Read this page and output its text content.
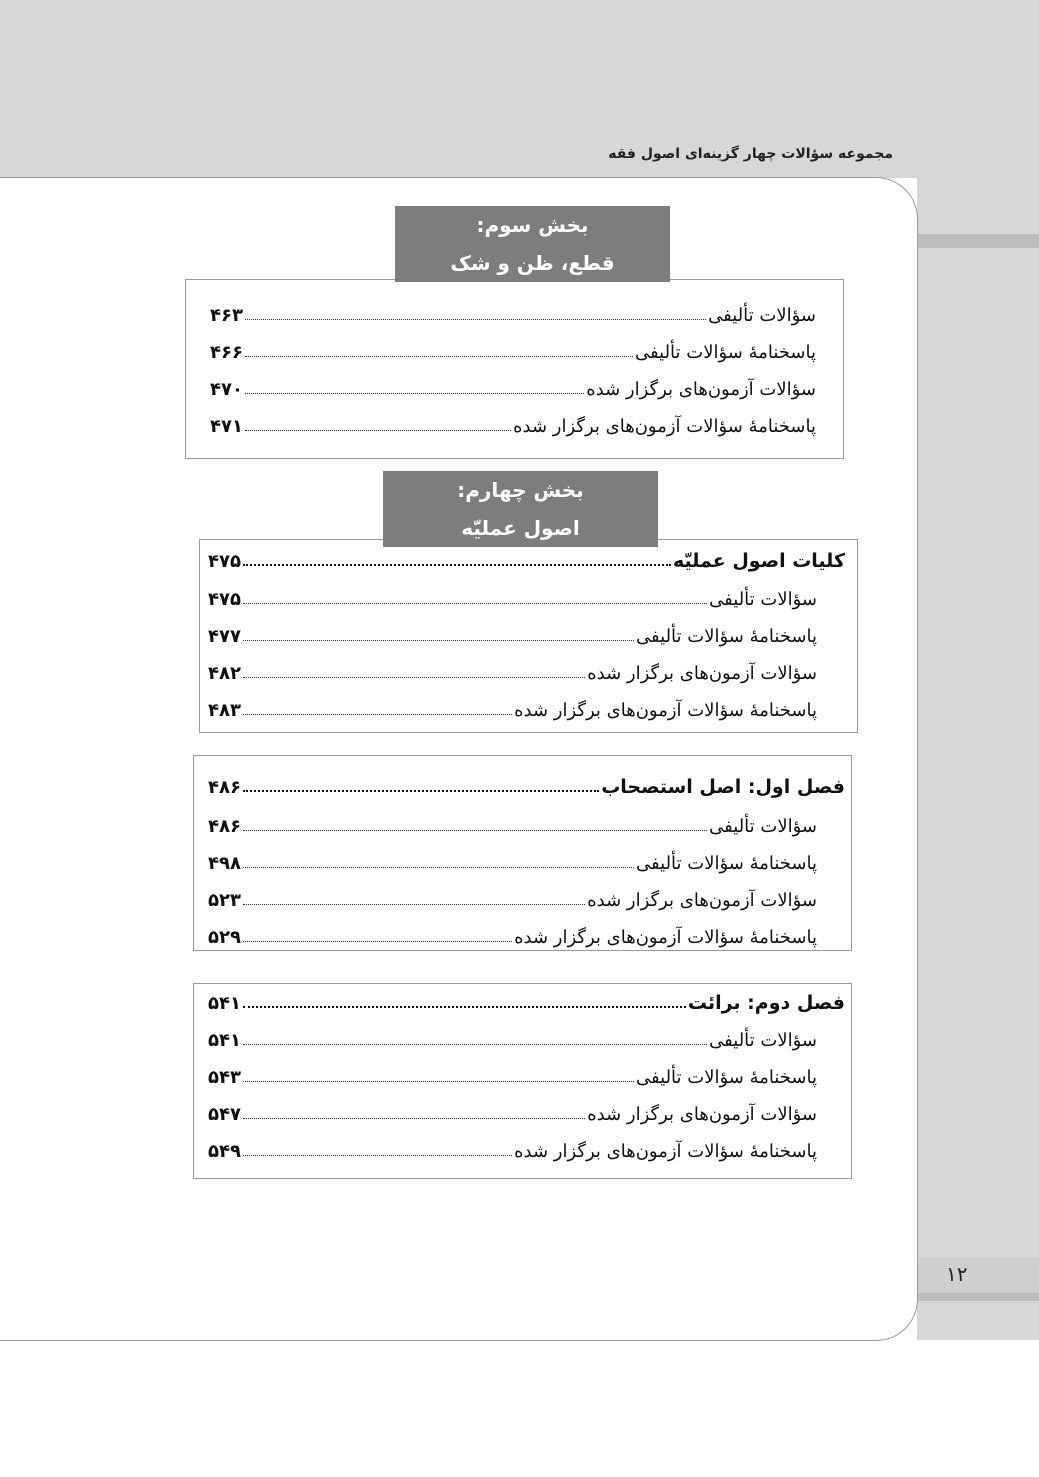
مجموعه سؤالات چهار گزینه‌ای اصول فقه
۱۲
بخش سوم:
قطع، ظن و شک
سؤالات تألیفی
۴۶۳
پاسخنامهٔ سؤالات تألیفی
۴۶۶
سؤالات آزمون‌های برگزار شده
۴۷۰
پاسخنامهٔ سؤالات آزمون‌های برگزار شده
۴۷۱
بخش چهارم:
اصول عملیّه
کلیات اصول عملیّه
۴۷۵
سؤالات تألیفی
۴۷۵
پاسخنامهٔ سؤالات تألیفی
۴۷۷
سؤالات آزمون‌های برگزار شده
۴۸۲
پاسخنامهٔ سؤالات آزمون‌های برگزار شده
۴۸۳
فصل اول: اصل استصحاب
۴۸۶
سؤالات تألیفی
۴۸۶
پاسخنامهٔ سؤالات تألیفی
۴۹۸
سؤالات آزمون‌های برگزار شده
۵۲۳
پاسخنامهٔ سؤالات آزمون‌های برگزار شده
۵۲۹
فصل دوم: برائت
۵۴۱
سؤالات تألیفی
۵۴۱
پاسخنامهٔ سؤالات تألیفی
۵۴۳
سؤالات آزمون‌های برگزار شده
۵۴۷
پاسخنامهٔ سؤالات آزمون‌های برگزار شده
۵۴۹
